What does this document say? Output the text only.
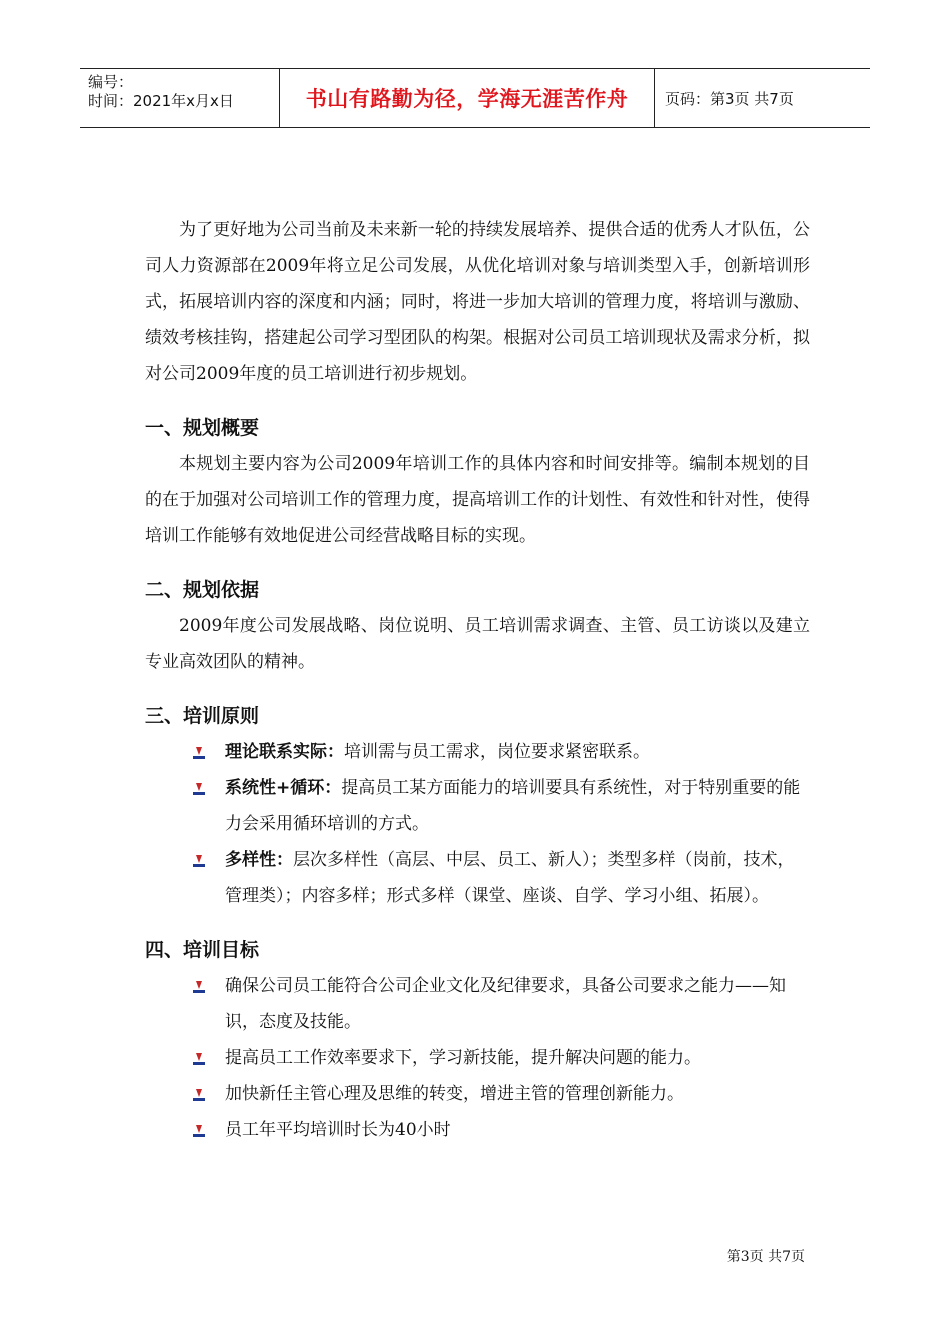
编号：
时间：2021年x月x日	书山有路勤为径，学海无涯苦作舟 页码：第3页 共7页

为了更好地为公司当前及未来新一轮的持续发展培养、提供合适的优秀人才队伍，公司人力资源部在2009年将立足公司发展，从优化培训对象与培训类型入手，创新培训形式，拓展培训内容的深度和内涵；同时，将进一步加大培训的管理力度，将培训与激励、绩效考核挂钩，搭建起公司学习型团队的构架。根据对公司员工培训现状及需求分析，拟对公司2009年度的员工培训进行初步规划。

一、规划概要

本规划主要内容为公司2009年培训工作的具体内容和时间安排等。编制本规划的目的在于加强对公司培训工作的管理力度，提高培训工作的计划性、有效性和针对性，使得培训工作能够有效地促进公司经营战略目标的实现。

二、规划依据

2009年度公司发展战略、岗位说明、员工培训需求调查、主管、员工访谈以及建立专业高效团队的精神。

三、培训原则
理论联系实际：培训需与员工需求，岗位要求紧密联系。
系统性+循环：提高员工某方面能力的培训要具有系统性，对于特别重要的能力会采用循环培训的方式。
多样性：层次多样性（高层、中层、员工、新人）；类型多样（岗前，技术，管理类）；内容多样；形式多样（课堂、座谈、自学、学习小组、拓展）。
四、培训目标
确保公司员工能符合公司企业文化及纪律要求，具备公司要求之能力——知识，态度及技能。
提高员工工作效率要求下，学习新技能，提升解决问题的能力。
加快新任主管心理及思维的转变，增进主管的管理创新能力。
员工年平均培训时长为40小时
第3页 共7页
